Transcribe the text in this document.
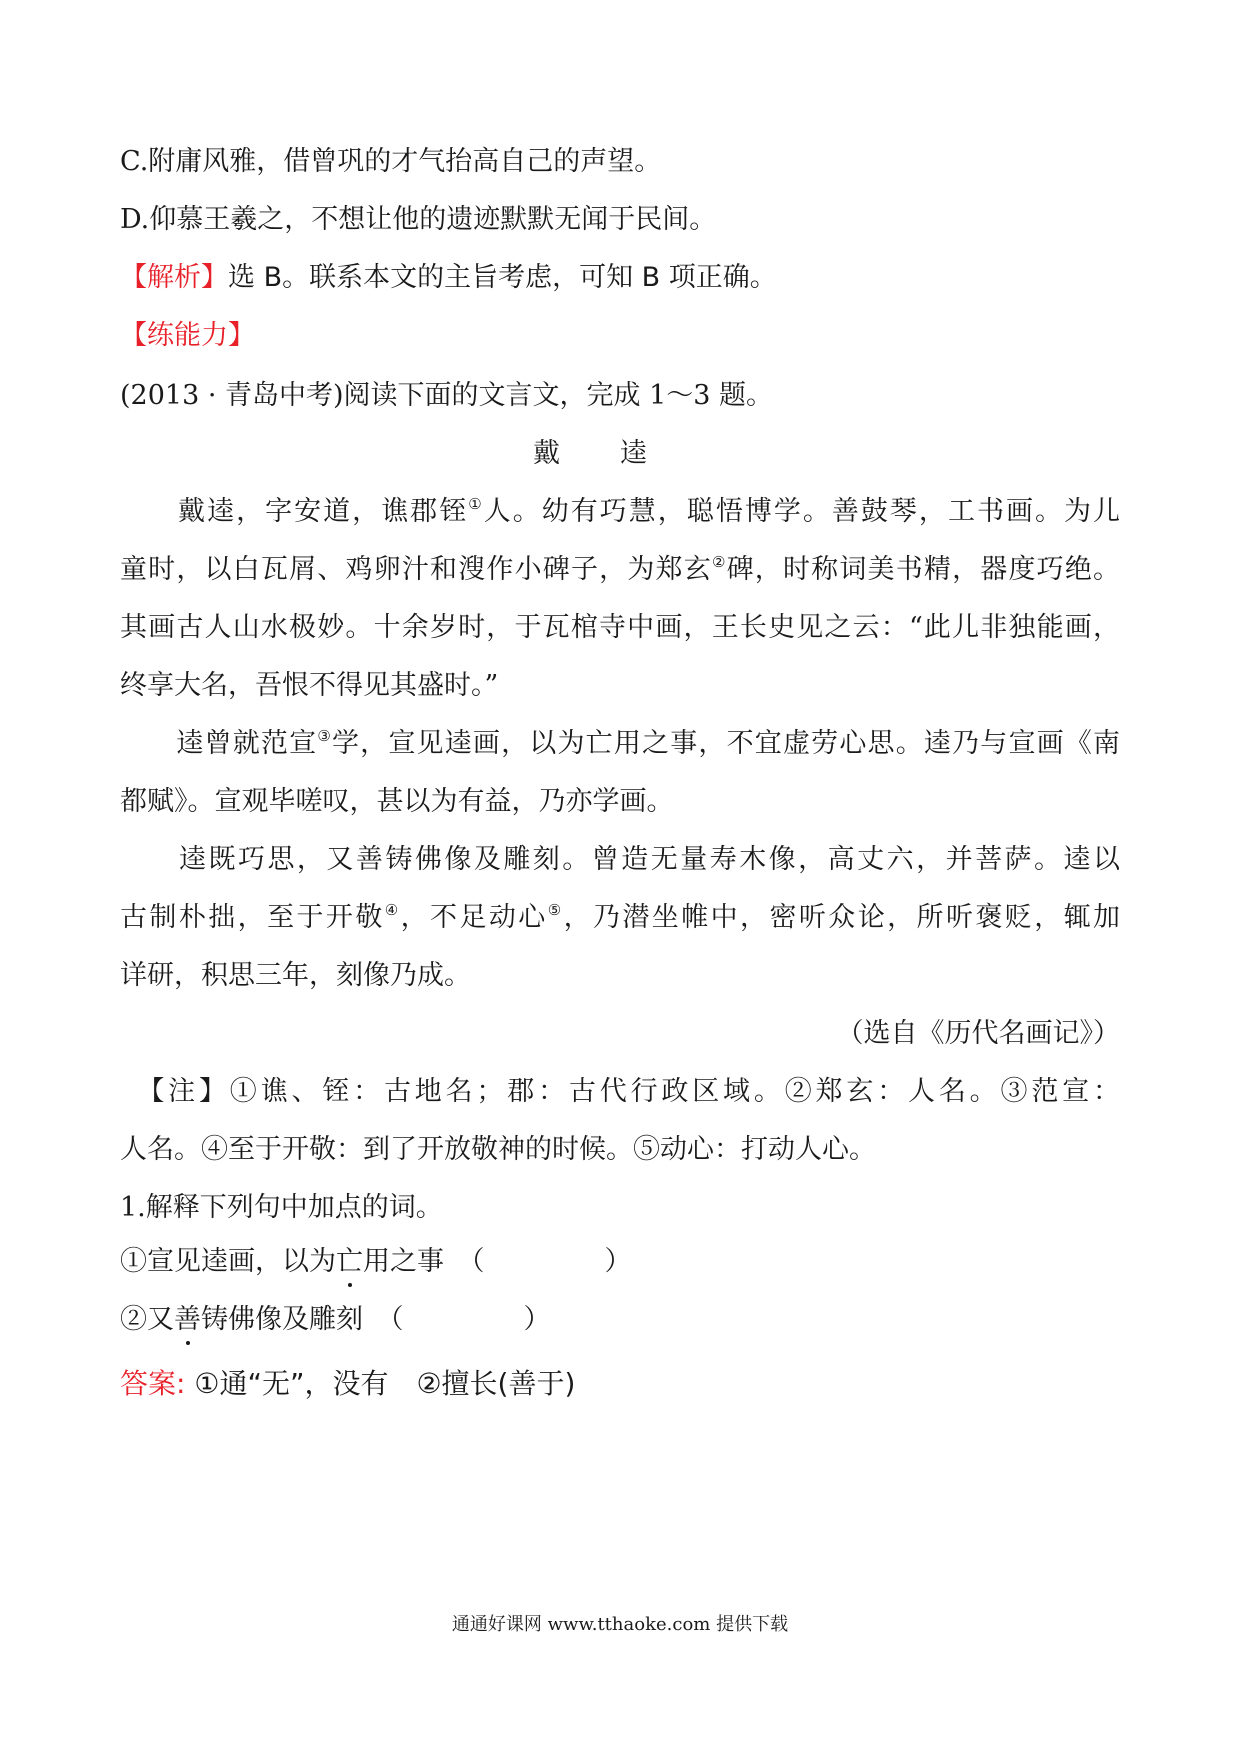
C.附庸风雅，借曾巩的才气抬高自己的声望。
D.仰慕王羲之，不想让他的遗迹默默无闻于民间。
【解析】选 B。联系本文的主旨考虑，可知 B 项正确。
【练能力】
(2013 · 青岛中考)阅读下面的文言文，完成 1～3 题。
戴逵
　　戴逵，字安道，谯郡铚①人。幼有巧慧，聪悟博学。善鼓琴，工书画。为儿
童时，以白瓦屑、鸡卵汁和溲作小碑子，为郑玄②碑，时称词美书精，器度巧绝。
其画古人山水极妙。十余岁时，于瓦棺寺中画，王长史见之云：“此儿非独能画，
终享大名，吾恨不得见其盛时。”
　　逵曾就范宣③学，宣见逵画，以为亡用之事，不宜虚劳心思。逵乃与宣画《南
都赋》。宣观毕嗟叹，甚以为有益，乃亦学画。
　　逵既巧思，又善铸佛像及雕刻。曾造无量寿木像，高丈六，并菩萨。逵以
古制朴拙，至于开敬④，不足动心⑤，乃潜坐帷中，密听众论，所听褒贬，辄加
详研，积思三年，刻像乃成。
（选自《历代名画记》）
　【注】①谯、铚：古地名；郡：古代行政区域。②郑玄：人名。③范宣：
人名。④至于开敬：到了开放敬神的时候。⑤动心：打动人心。
1.解释下列句中加点的词。
①宣见逵画，以为亡用之事　 （	）
②又善铸佛像及雕刻　 （	）
答案: ①通“无”，没有　②擅长(善于)
通通好课网 www.tthaoke.com 提供下载
